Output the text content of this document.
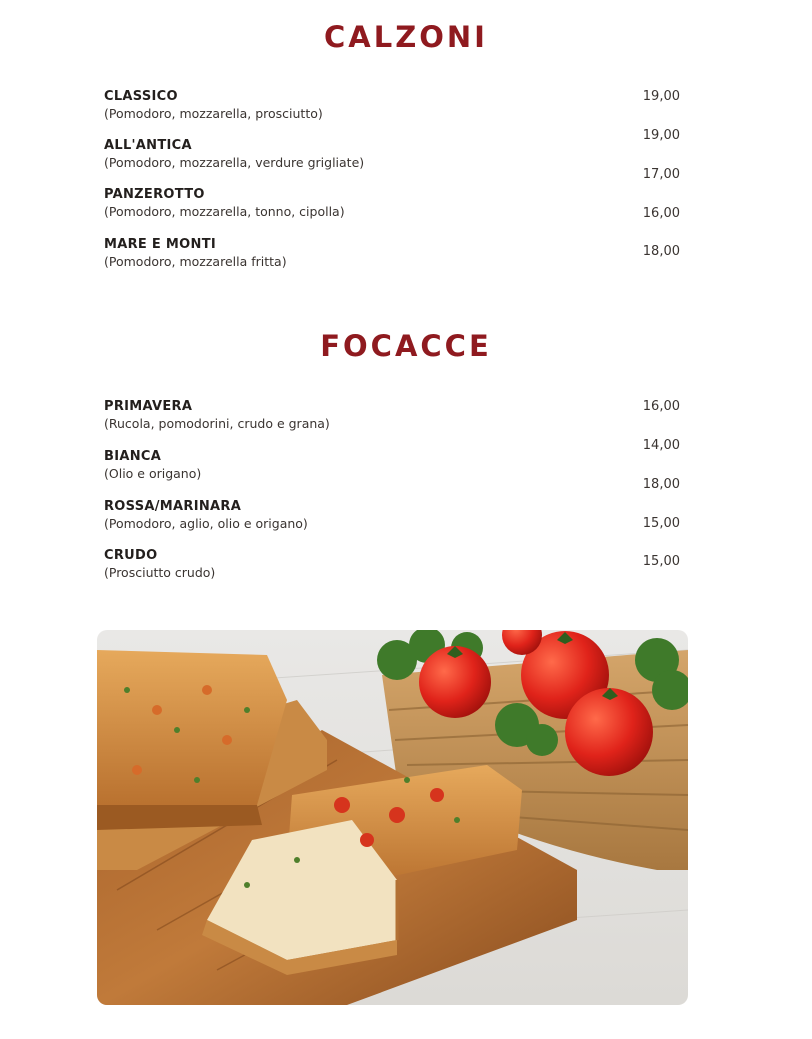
CALZONI
CLASSICO
(Pomodoro, mozzarella, prosciutto)
ALL'ANTICA
(Pomodoro, mozzarella, verdure grigliate)
PANZEROTTO
(Pomodoro, mozzarella, tonno, cipolla)
MARE E MONTI
(Pomodoro, mozzarella fritta)
19,00
19,00
17,00
16,00
18,00
FOCACCE
PRIMAVERA
(Rucola, pomodorini, crudo e grana)
BIANCA
(Olio e origano)
ROSSA/MARINARA
(Pomodoro, aglio, olio e origano)
CRUDO
(Prosciutto crudo)
16,00
14,00
18,00
15,00
15,00
